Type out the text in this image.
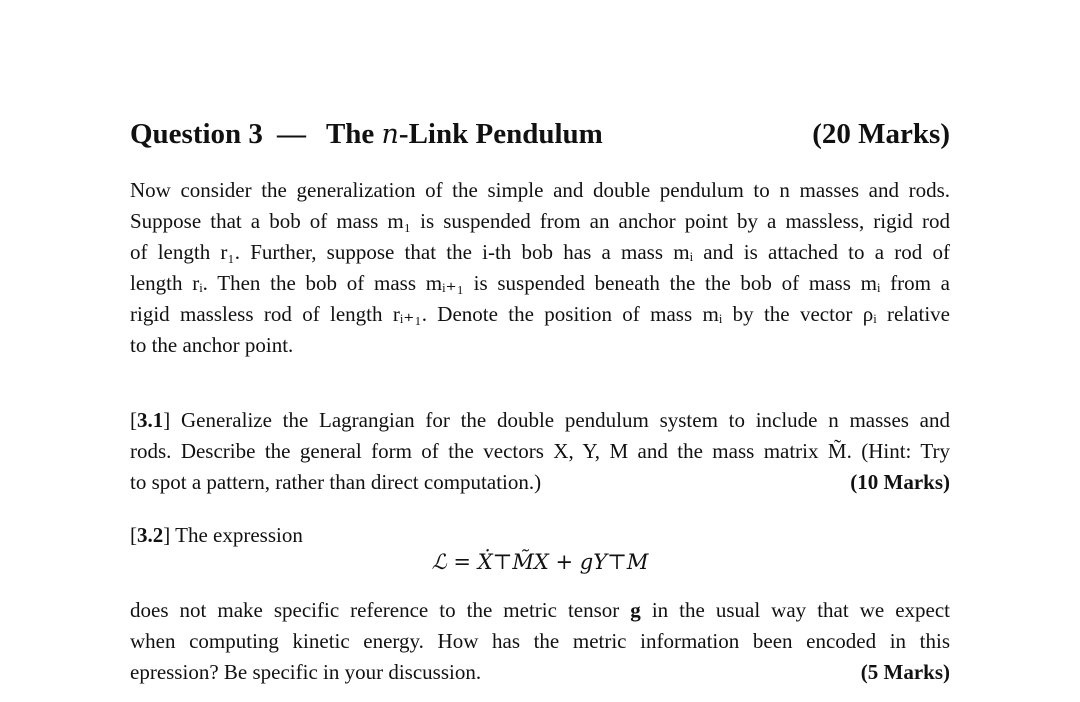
Question 3 — The n -Link Pendulum	(20 Marks)
Now consider the generalization of the simple and double pendulum to n masses and rods.
Suppose that a bob of mass m₁ is suspended from an anchor point by a massless, rigid rod
of length r₁. Further, suppose that the i-th bob has a mass mᵢ and is attached to a rod of
length rᵢ. Then the bob of mass mᵢ₊₁ is suspended beneath the the bob of mass mᵢ from a
rigid massless rod of length rᵢ₊₁. Denote the position of mass mᵢ by the vector ρᵢ relative
to the anchor point.
[3.1] Generalize the Lagrangian for the double pendulum system to include n masses and
rods. Describe the general form of the vectors X, Y, M and the mass matrix M̃. (Hint: Try
to spot a pattern, rather than direct computation.)	(10 Marks)
[3.2] The expression
ℒ = Ẋ⊤M̃X + gY⊤M
does not make specific reference to the metric tensor g in the usual way that we expect
when computing kinetic energy. How has the metric information been encoded in this
epression? Be specific in your discussion.	(5 Marks)
